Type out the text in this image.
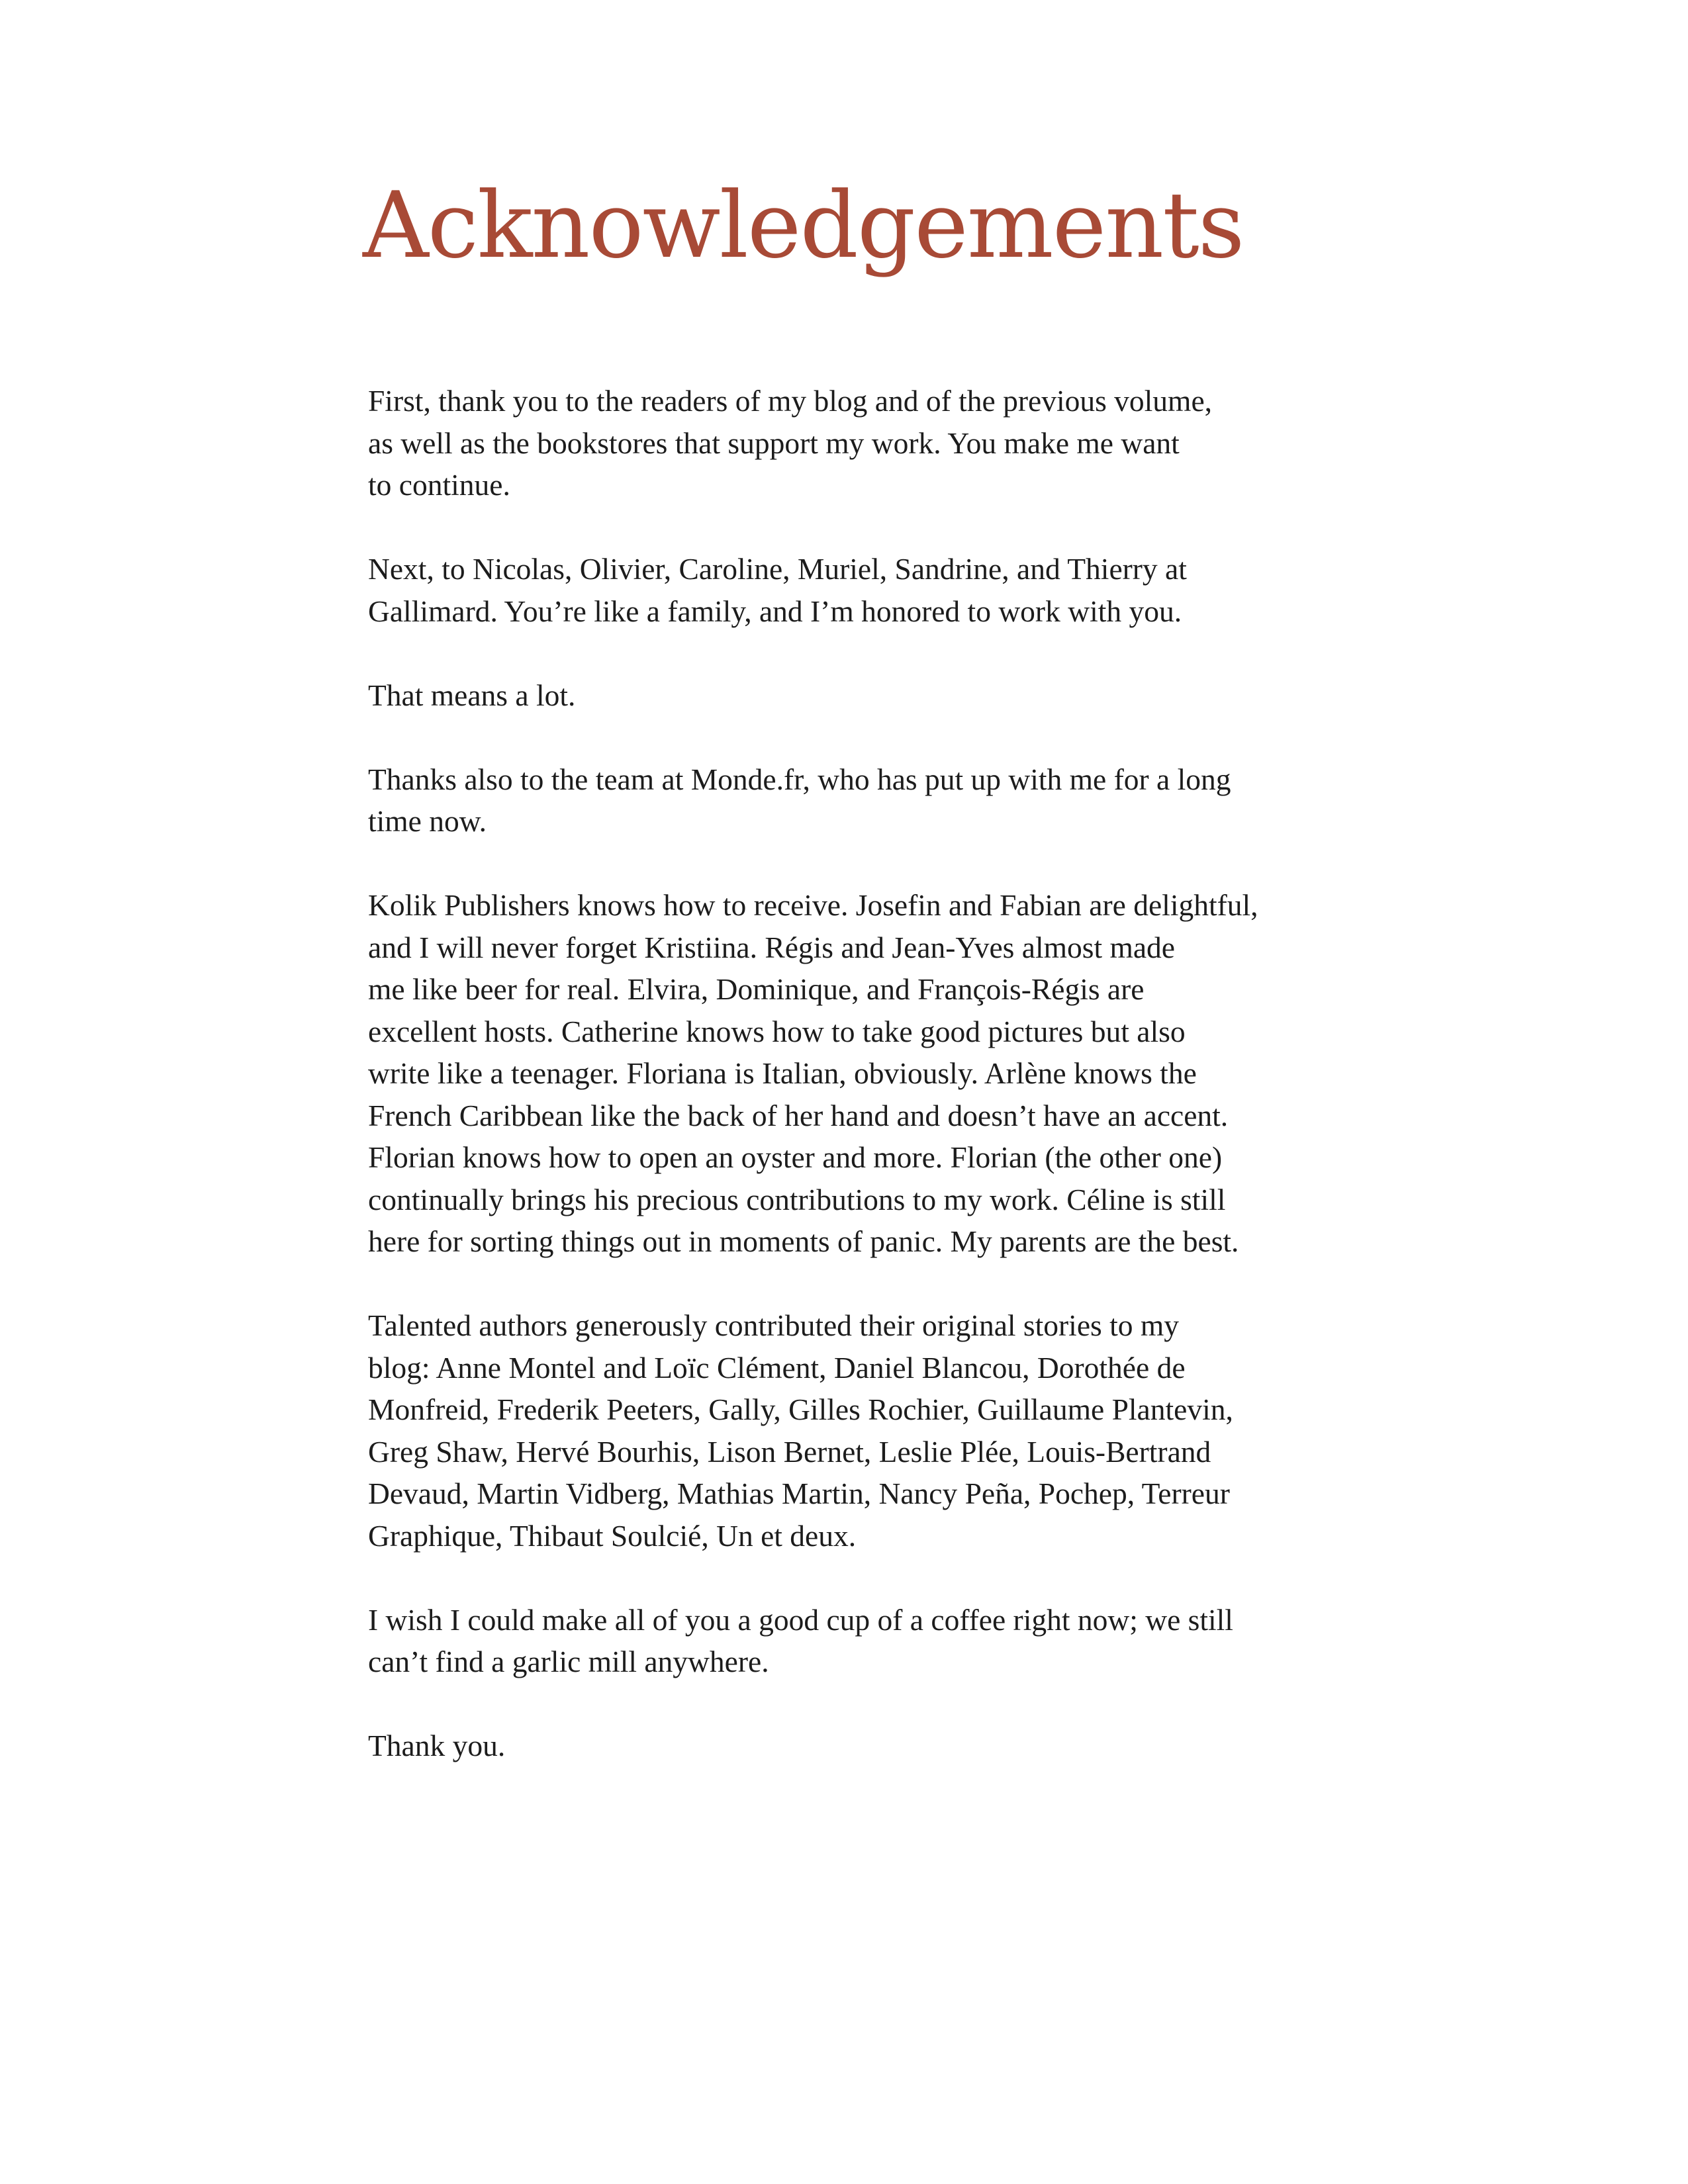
Acknowledgements

First, thank you to the readers of my blog and of the previous volume,
as well as the bookstores that support my work. You make me want
to continue.

Next, to Nicolas, Olivier, Caroline, Muriel, Sandrine, and Thierry at
Gallimard. You’re like a family, and I’m honored to work with you.

That means a lot.

Thanks also to the team at Monde.fr, who has put up with me for a long
time now.

Kolik Publishers knows how to receive. Josefin and Fabian are delightful,
and I will never forget Kristiina. Régis and Jean-Yves almost made
me like beer for real. Elvira, Dominique, and François-Régis are
excellent hosts. Catherine knows how to take good pictures but also
write like a teenager. Floriana is Italian, obviously. Arlène knows the
French Caribbean like the back of her hand and doesn’t have an accent.
Florian knows how to open an oyster and more. Florian (the other one)
continually brings his precious contributions to my work. Céline is still
here for sorting things out in moments of panic. My parents are the best.

Talented authors generously contributed their original stories to my
blog: Anne Montel and Loïc Clément, Daniel Blancou, Dorothée de
Monfreid, Frederik Peeters, Gally, Gilles Rochier, Guillaume Plantevin,
Greg Shaw, Hervé Bourhis, Lison Bernet, Leslie Plée, Louis-Bertrand
Devaud, Martin Vidberg, Mathias Martin, Nancy Peña, Pochep, Terreur
Graphique, Thibaut Soulcié, Un et deux.

I wish I could make all of you a good cup of a coffee right now; we still
can’t find a garlic mill anywhere.

Thank you.
